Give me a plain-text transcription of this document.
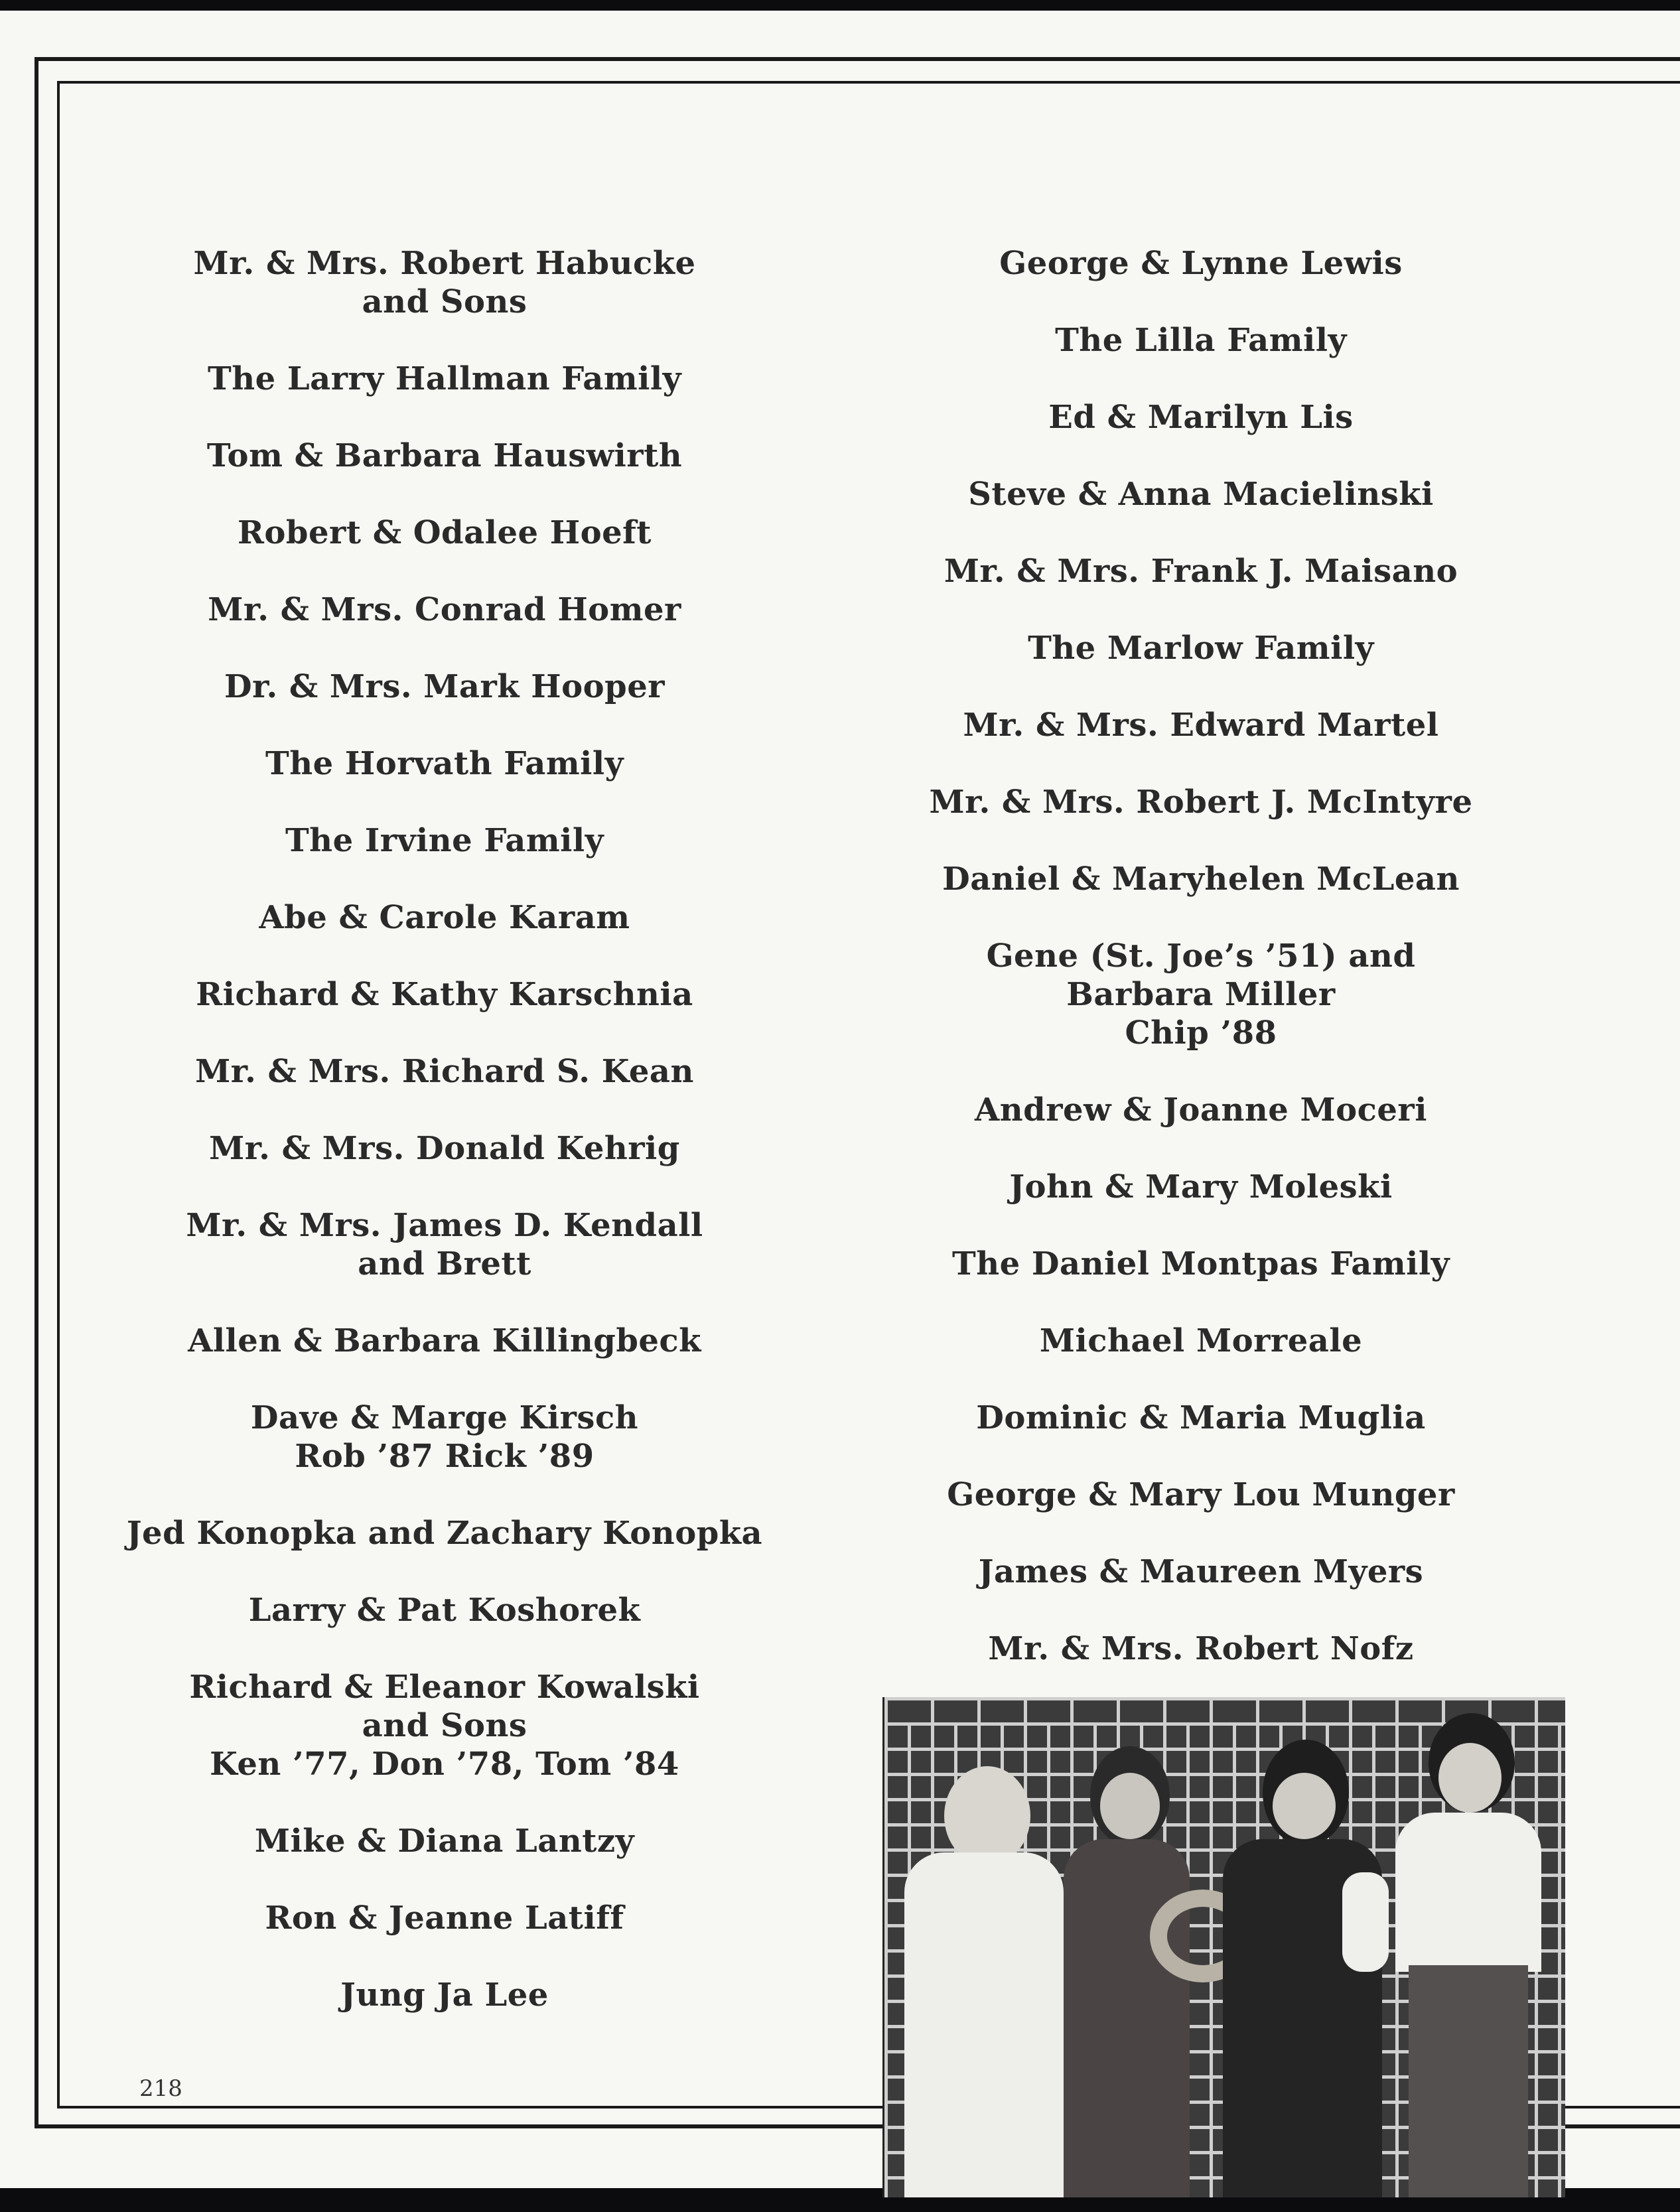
Mr. & Mrs. Robert Habucke
and Sons
The Larry Hallman Family
Tom & Barbara Hauswirth
Robert & Odalee Hoeft
Mr. & Mrs. Conrad Homer
Dr. & Mrs. Mark Hooper
The Horvath Family
The Irvine Family
Abe & Carole Karam
Richard & Kathy Karschnia
Mr. & Mrs. Richard S. Kean
Mr. & Mrs. Donald Kehrig
Mr. & Mrs. James D. Kendall
and Brett
Allen & Barbara Killingbeck
Dave & Marge Kirsch
Rob ’87 Rick ’89
Jed Konopka and Zachary Konopka
Larry & Pat Koshorek
Richard & Eleanor Kowalski
and Sons
Ken ’77, Don ’78, Tom ’84
Mike & Diana Lantzy
Ron & Jeanne Latiff
Jung Ja Lee
George & Lynne Lewis
The Lilla Family
Ed & Marilyn Lis
Steve & Anna Macielinski
Mr. & Mrs. Frank J. Maisano
The Marlow Family
Mr. & Mrs. Edward Martel
Mr. & Mrs. Robert J. McIntyre
Daniel & Maryhelen McLean
Gene (St. Joe’s ’51) and
Barbara Miller
Chip ’88
Andrew & Joanne Moceri
John & Mary Moleski
The Daniel Montpas Family
Michael Morreale
Dominic & Maria Muglia
George & Mary Lou Munger
James & Maureen Myers
Mr. & Mrs. Robert Nofz
218
